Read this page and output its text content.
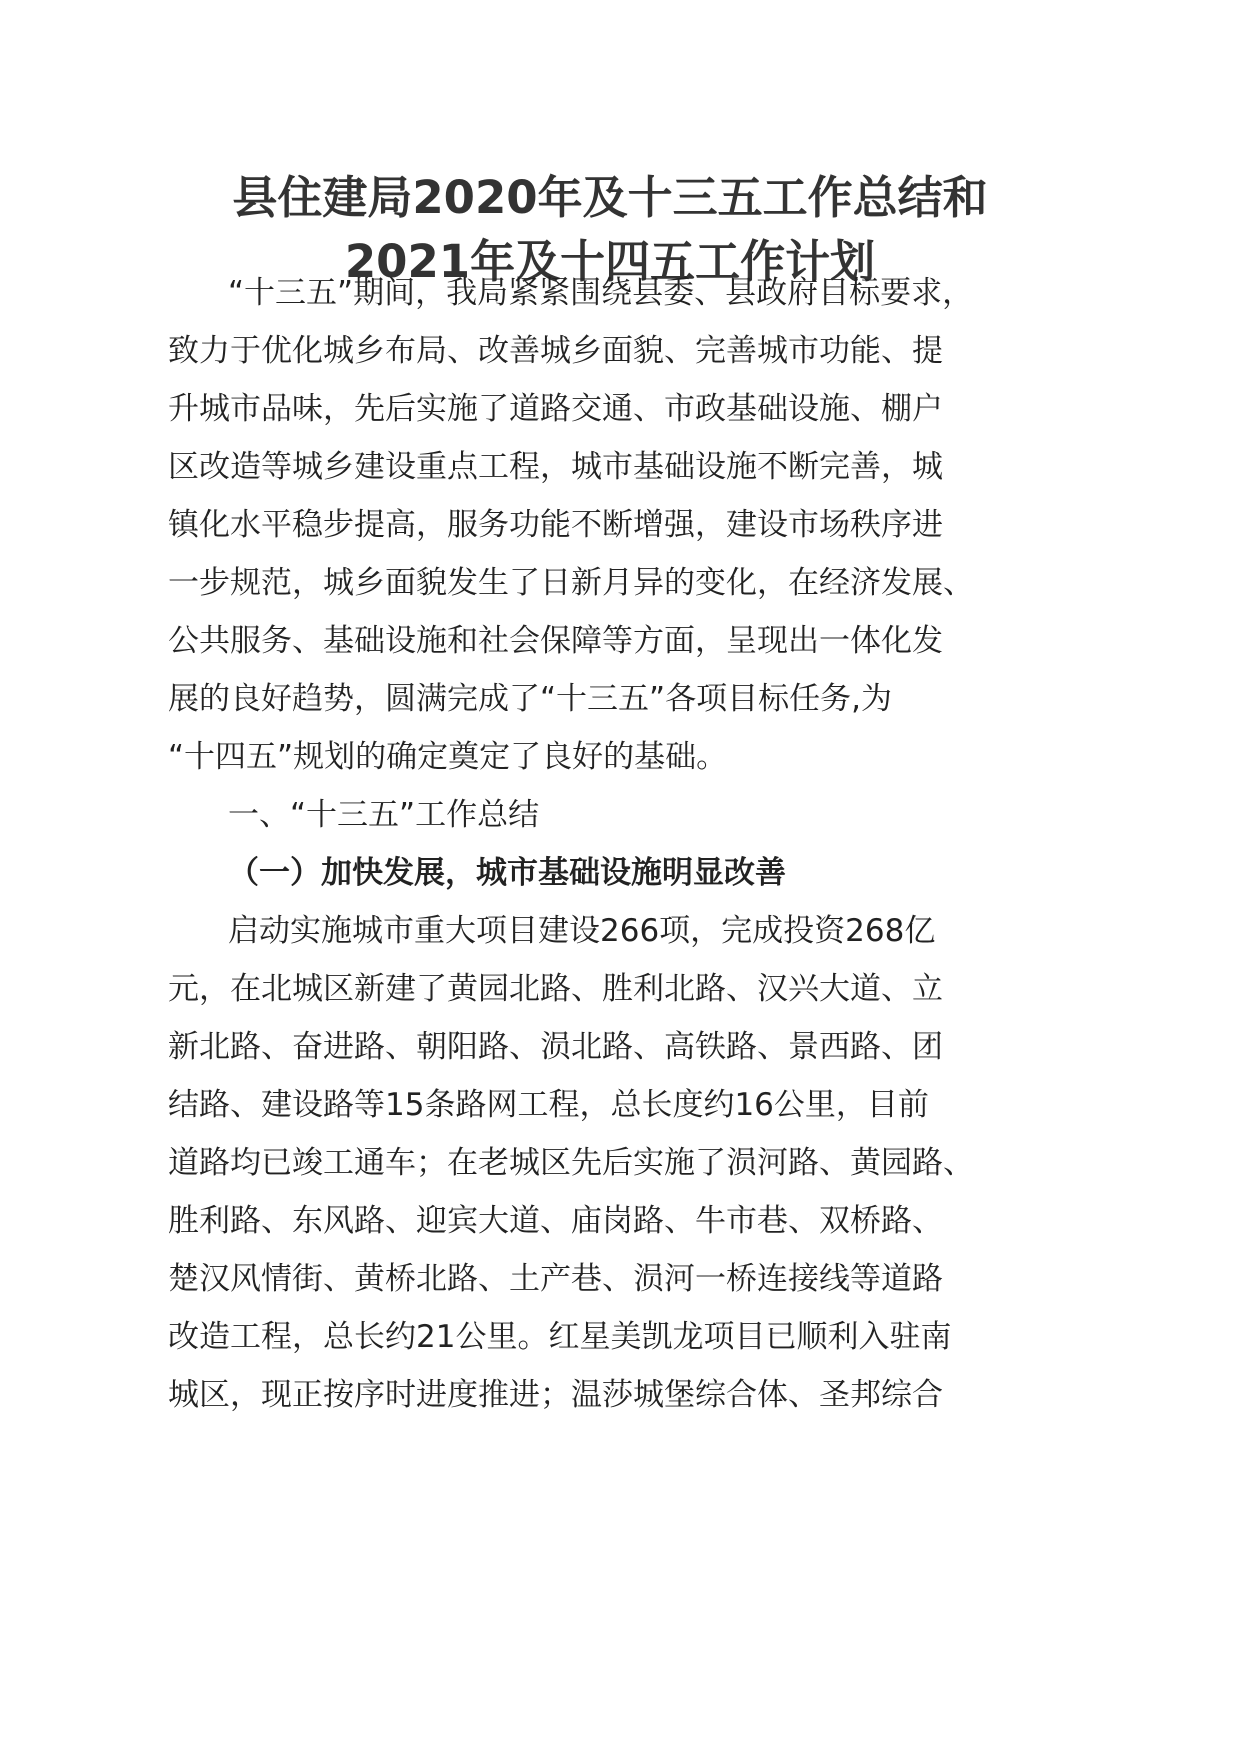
县住建局2020年及十三五工作总结和
2021年及十四五工作计划
“十三五”期间，我局紧紧围绕县委、县政府目标要求，
致力于优化城乡布局、改善城乡面貌、完善城市功能、提
升城市品味，先后实施了道路交通、市政基础设施、棚户
区改造等城乡建设重点工程，城市基础设施不断完善，城
镇化水平稳步提高，服务功能不断增强，建设市场秩序进
一步规范，城乡面貌发生了日新月异的变化，在经济发展、
公共服务、基础设施和社会保障等方面，呈现出一体化发
展的良好趋势，圆满完成了“十三五”各项目标任务,为
“十四五”规划的确定奠定了良好的基础。
一、“十三五”工作总结
（一）加快发展，城市基础设施明显改善
启动实施城市重大项目建设266项，完成投资268亿
元，在北城区新建了黄园北路、胜利北路、汉兴大道、立
新北路、奋进路、朝阳路、涢北路、高铁路、景西路、团
结路、建设路等15条路网工程，总长度约16公里，目前
道路均已竣工通车；在老城区先后实施了涢河路、黄园路、
胜利路、东风路、迎宾大道、庙岗路、牛市巷、双桥路、
楚汉风情街、黄桥北路、土产巷、涢河一桥连接线等道路
改造工程，总长约21公里。红星美凯龙项目已顺利入驻南
城区，现正按序时进度推进；温莎城堡综合体、圣邦综合
